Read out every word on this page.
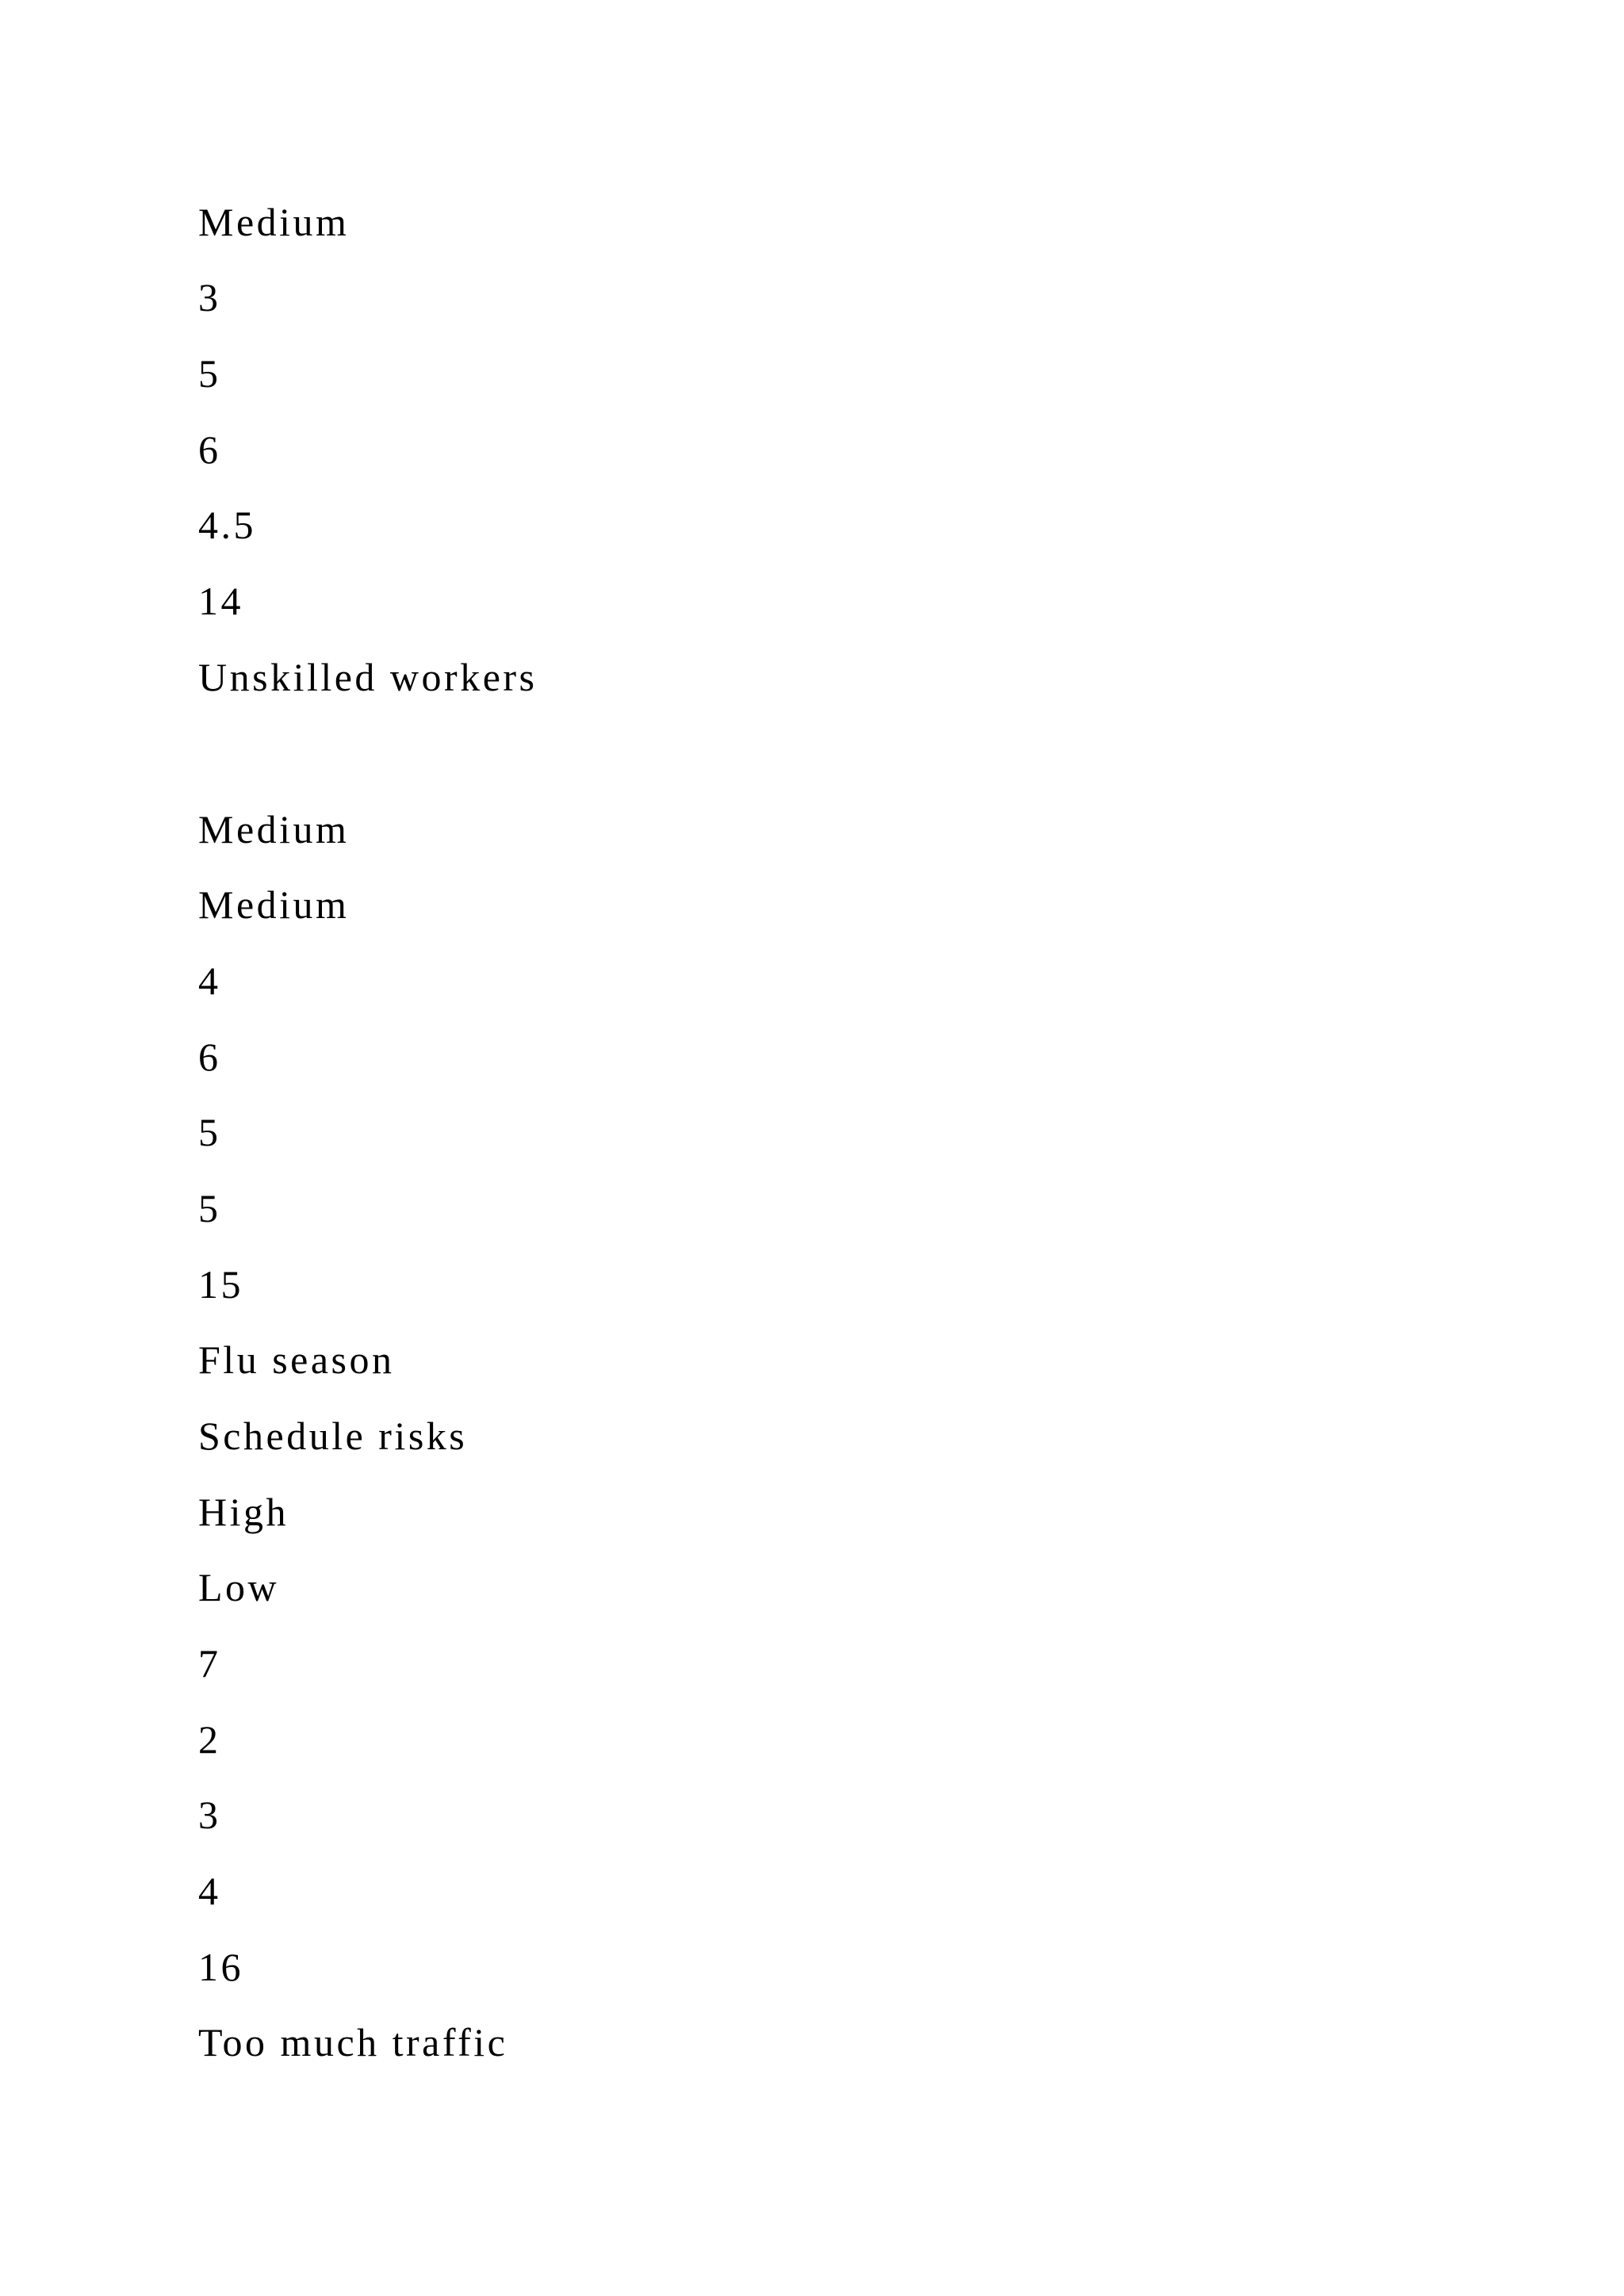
Medium
3
5
6
4.5
14
Unskilled workers
Medium
Medium
4
6
5
5
15
Flu season
Schedule risks
High
Low
7
2
3
4
16
Too much traffic
